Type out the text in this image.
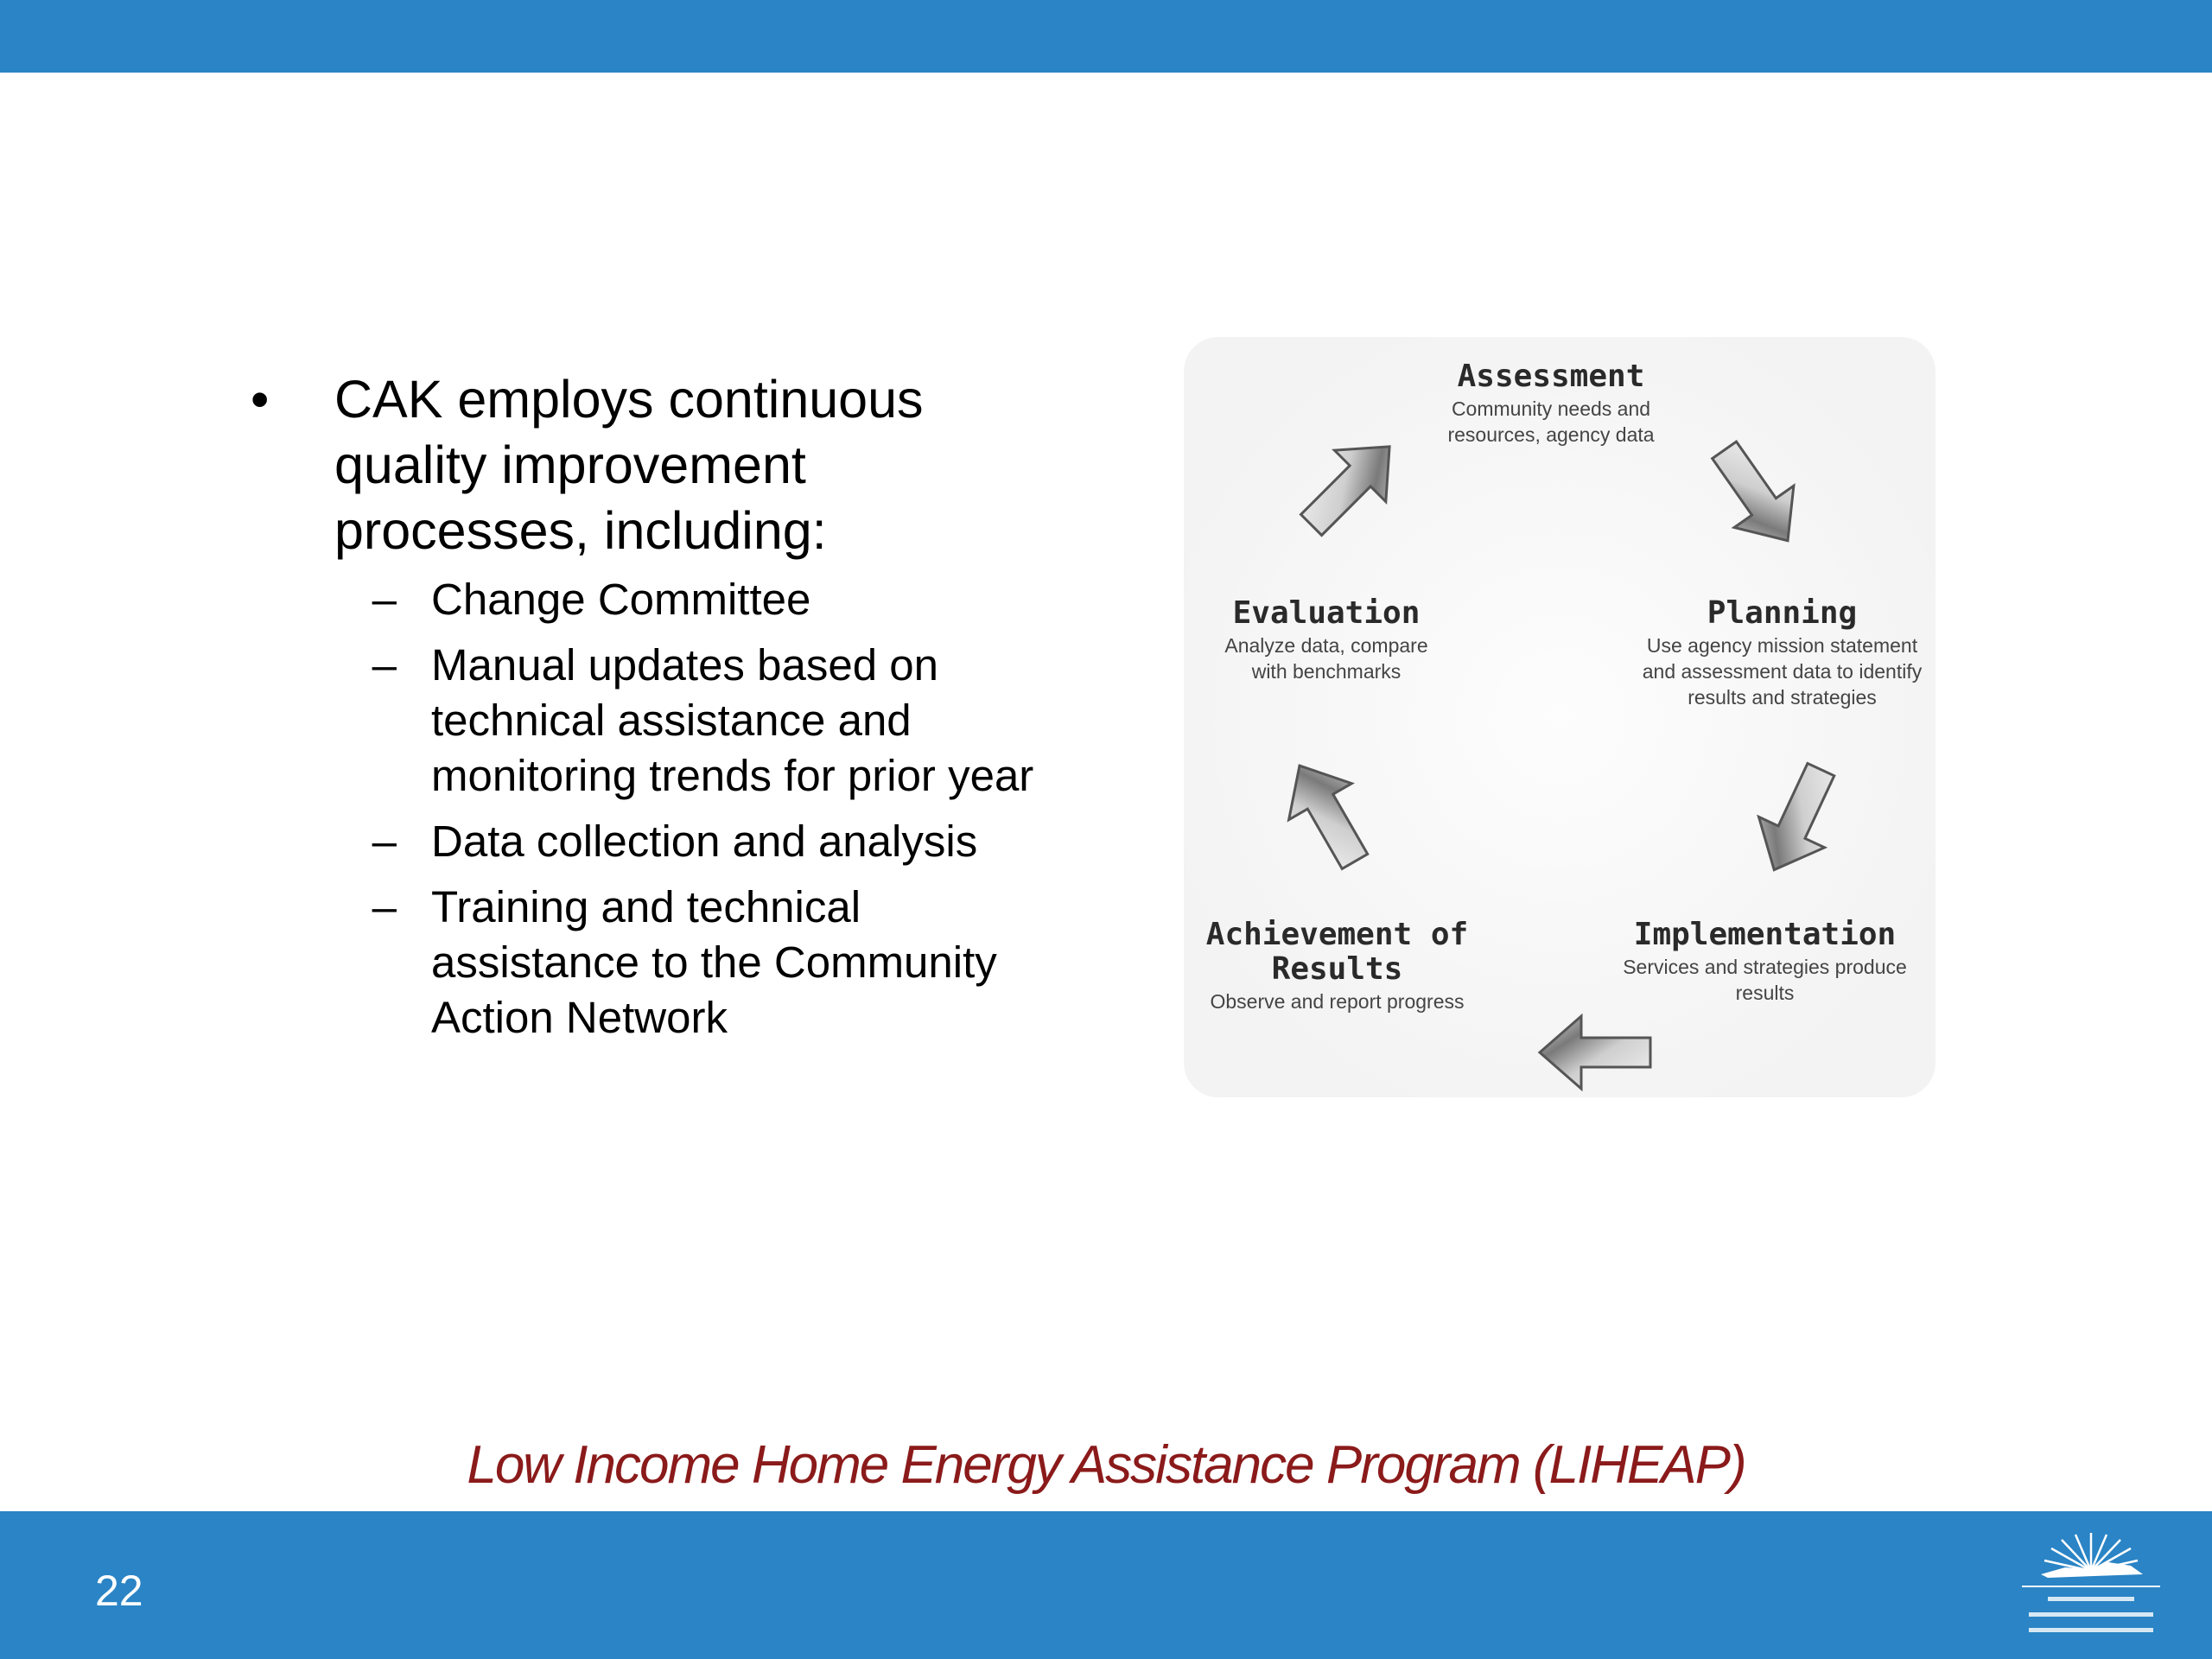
•	CAK employs continuous quality improvement processes, including:
– Change Committee
– Manual updates based on technical assistance and monitoring trends for prior year
– Data collection and analysis
– Training and technical assistance to the Community Action Network
Assessment
Community needs and resources, agency data
Planning
Use agency mission statement and assessment data to identify results and strategies
Implementation
Services and strategies produce results
Achievement of Results
Observe and report progress
Evaluation
Analyze data, compare with benchmarks
Low Income Home Energy Assistance Program (LIHEAP)
22
